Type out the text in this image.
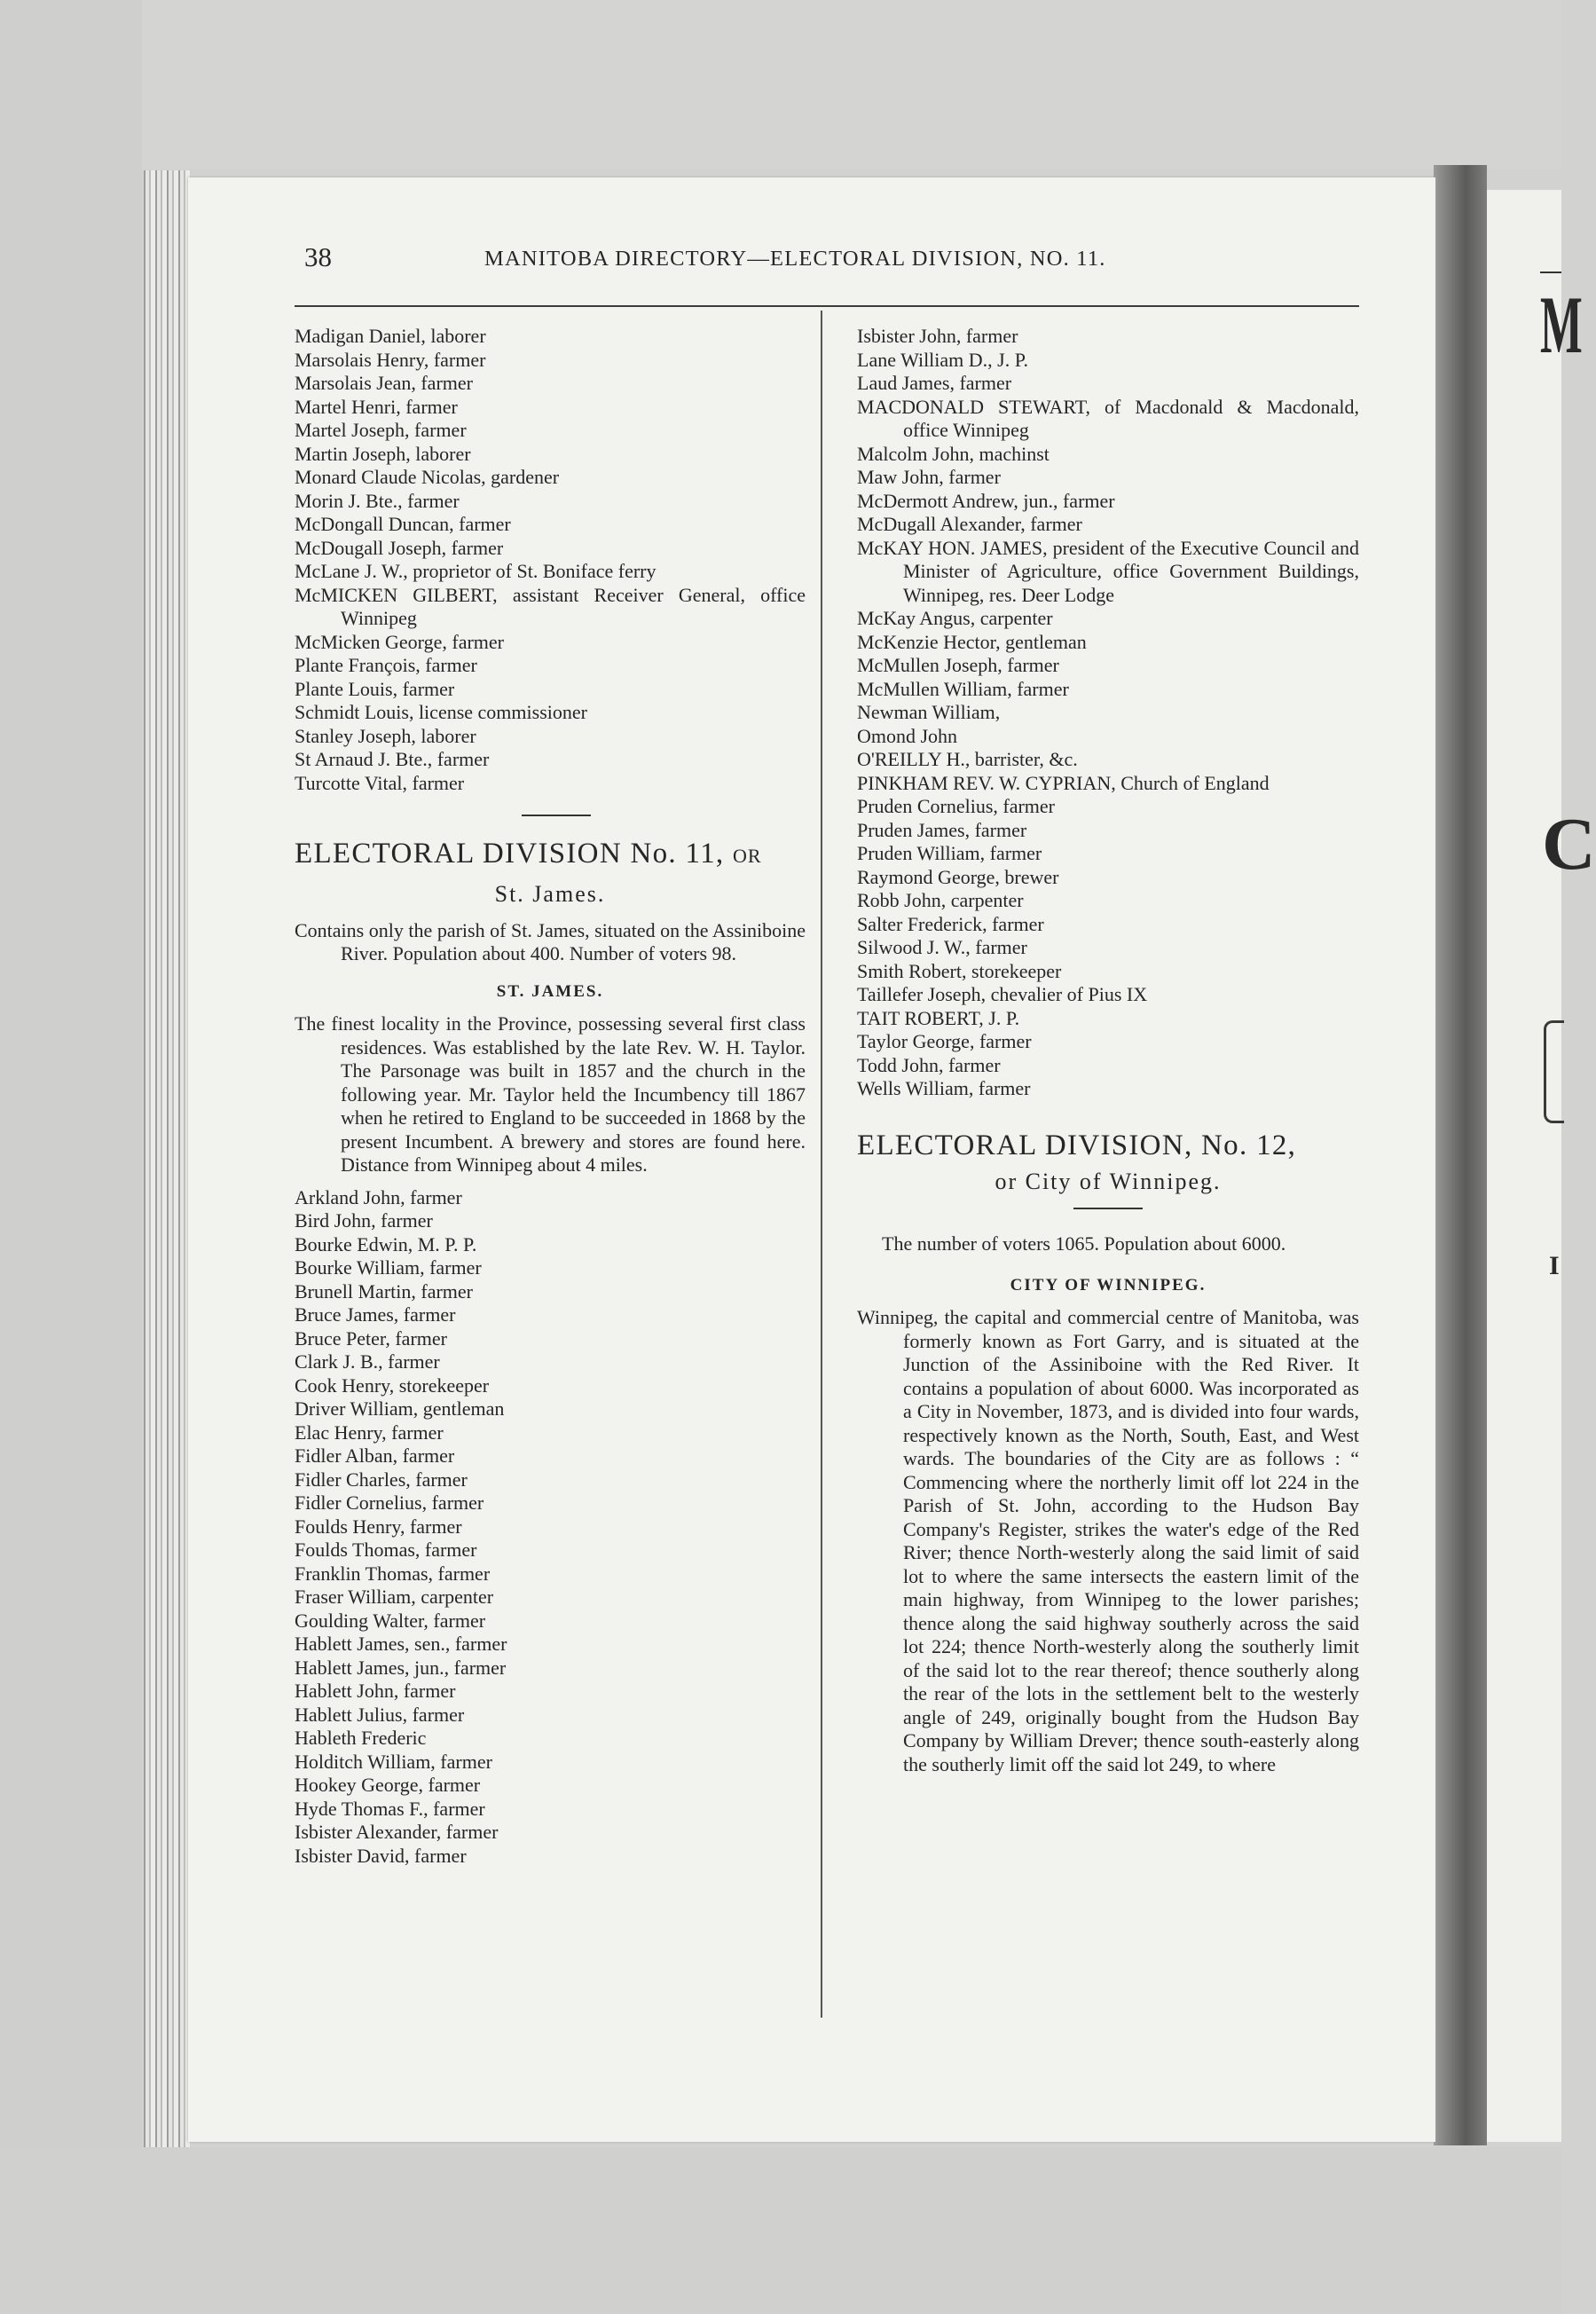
M
C
I
38	MANITOBA DIRECTORY—ELECTORAL DIVISION, NO. 11.
Madigan Daniel, laborer
Marsolais Henry, farmer
Marsolais Jean, farmer
Martel Henri, farmer
Martel Joseph, farmer
Martin Joseph, laborer
Monard Claude Nicolas, gardener
Morin J. Bte., farmer
McDongall Duncan, farmer
McDougall Joseph, farmer
McLane J. W., proprietor of St. Boniface ferry
McMICKEN GILBERT, assistant Receiver General, office Winnipeg
McMicken George, farmer
Plante François, farmer
Plante Louis, farmer
Schmidt Louis, license commissioner
Stanley Joseph, laborer
St Arnaud J. Bte., farmer
Turcotte Vital, farmer
ELECTORAL DIVISION No. 11, OR
St. James.
Contains only the parish of St. James, situated on the Assiniboine River. Population about 400. Number of voters 98.
ST. JAMES.
The finest locality in the Province, possessing several first class residences. Was established by the late Rev. W. H. Taylor. The Parsonage was built in 1857 and the church in the following year. Mr. Taylor held the Incumbency till 1867 when he retired to England to be succeeded in 1868 by the present Incumbent. A brewery and stores are found here. Distance from Winnipeg about 4 miles.
Arkland John, farmer
Bird John, farmer
Bourke Edwin, M. P. P.
Bourke William, farmer
Brunell Martin, farmer
Bruce James, farmer
Bruce Peter, farmer
Clark J. B., farmer
Cook Henry, storekeeper
Driver William, gentleman
Elac Henry, farmer
Fidler Alban, farmer
Fidler Charles, farmer
Fidler Cornelius, farmer
Foulds Henry, farmer
Foulds Thomas, farmer
Franklin Thomas, farmer
Fraser William, carpenter
Goulding Walter, farmer
Hablett James, sen., farmer
Hablett James, jun., farmer
Hablett John, farmer
Hablett Julius, farmer
Hableth Frederic
Holditch William, farmer
Hookey George, farmer
Hyde Thomas F., farmer
Isbister Alexander, farmer
Isbister David, farmer
Isbister John, farmer
Lane William D., J. P.
Laud James, farmer
MACDONALD STEWART, of Macdonald & Macdonald, office Winnipeg
Malcolm John, machinst
Maw John, farmer
McDermott Andrew, jun., farmer
McDugall Alexander, farmer
McKAY HON. JAMES, president of the Executive Council and Minister of Agriculture, office Government Buildings, Winnipeg, res. Deer Lodge
McKay Angus, carpenter
McKenzie Hector, gentleman
McMullen Joseph, farmer
McMullen William, farmer
Newman William,
Omond John
O'REILLY H., barrister, &c.
PINKHAM REV. W. CYPRIAN, Church of England
Pruden Cornelius, farmer
Pruden James, farmer
Pruden William, farmer
Raymond George, brewer
Robb John, carpenter
Salter Frederick, farmer
Silwood J. W., farmer
Smith Robert, storekeeper
Taillefer Joseph, chevalier of Pius IX
TAIT ROBERT, J. P.
Taylor George, farmer
Todd John, farmer
Wells William, farmer
ELECTORAL DIVISION, No. 12,
or City of Winnipeg.
The number of voters 1065. Population about 6000.
CITY OF WINNIPEG.
Winnipeg, the capital and commercial centre of Manitoba, was formerly known as Fort Garry, and is situated at the Junction of the Assiniboine with the Red River. It contains a population of about 6000. Was incorporated as a City in November, 1873, and is divided into four wards, respectively known as the North, South, East, and West wards. The boundaries of the City are as follows : “ Commencing where the northerly limit off lot 224 in the Parish of St. John, according to the Hudson Bay Company's Register, strikes the water's edge of the Red River; thence North-westerly along the said limit of said lot to where the same intersects the eastern limit of the main highway, from Winnipeg to the lower parishes; thence along the said highway southerly across the said lot 224; thence North-westerly along the southerly limit of the said lot to the rear thereof; thence southerly along the rear of the lots in the settlement belt to the westerly angle of 249, originally bought from the Hudson Bay Company by William Drever; thence south-easterly along the southerly limit off the said lot 249, to where
